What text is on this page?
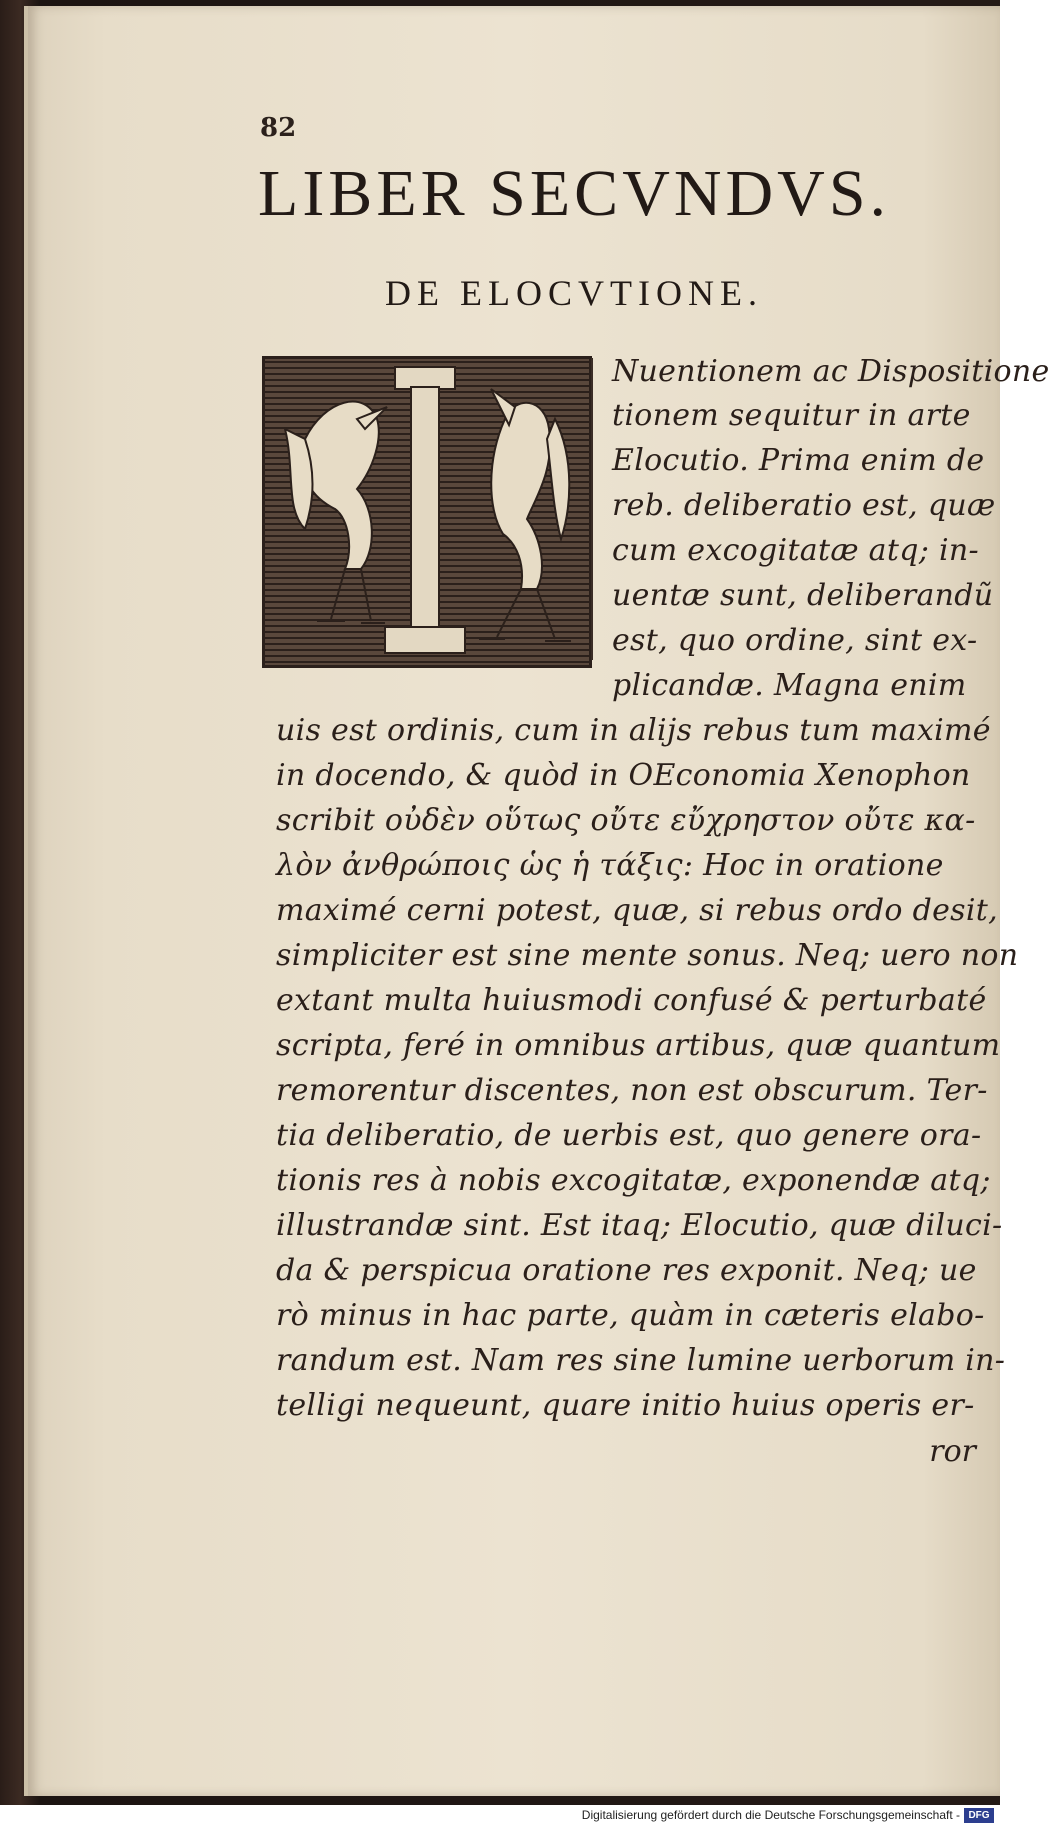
82
LIBER SECVNDVS.
DE ELOCVTIONE.
Nuentionem ac Dispositione
tionem sequitur in arte
Elocutio. Prima enim de
reb. deliberatio est, quæ
cum excogitatæ atq; in-
uentæ sunt, deliberandũ
est, quo ordine, sint ex-
plicandæ. Magna enim
uis est ordinis, cum in alijs rebus tum maximé
in docendo, & quòd in OEconomia Xenophon
scribit οὐδὲν οὕτως οὔτε εὔχρηστον οὔτε κα-
λὸν ἀνθρώποις ὡς ἡ τάξις: Hoc in oratione
maximé cerni potest, quæ, si rebus ordo desit,
simpliciter est sine mente sonus. Neq; uero non
extant multa huiusmodi confusé & perturbaté
scripta, feré in omnibus artibus, quæ quantum
remorentur discentes, non est obscurum. Ter-
tia deliberatio, de uerbis est, quo genere ora-
tionis res à nobis excogitatæ, exponendæ atq;
illustrandæ sint. Est itaq; Elocutio, quæ diluci-
da & perspicua oratione res exponit. Neq; ue
rò minus in hac parte, quàm in cæteris elabo-
randum est. Nam res sine lumine uerborum in-
telligi nequeunt, quare initio huius operis er-
ror
Digitalisierung gefördert durch die Deutsche Forschungsgemeinschaft - DFG
